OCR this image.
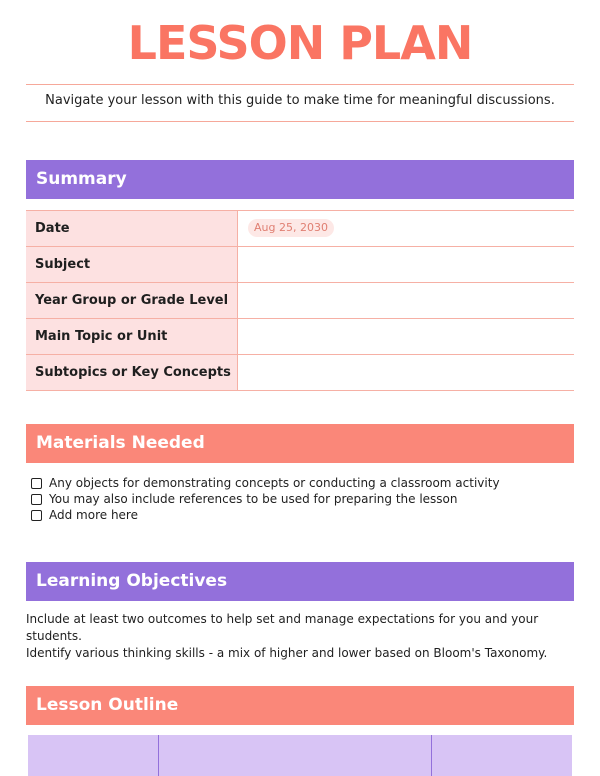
LESSON PLAN
Navigate your lesson with this guide to make time for meaningful discussions.
Summary
Date	Aug 25, 2030
Subject
Year Group or Grade Level
Main Topic or Unit
Subtopics or Key Concepts
Materials Needed
Any objects for demonstrating concepts or conducting a classroom activity
You may also include references to be used for preparing the lesson
Add more here
Learning Objectives
Include at least two outcomes to help set and manage expectations for you and your students.
Identify various thinking skills - a mix of higher and lower based on Bloom's Taxonomy.
Lesson Outline
